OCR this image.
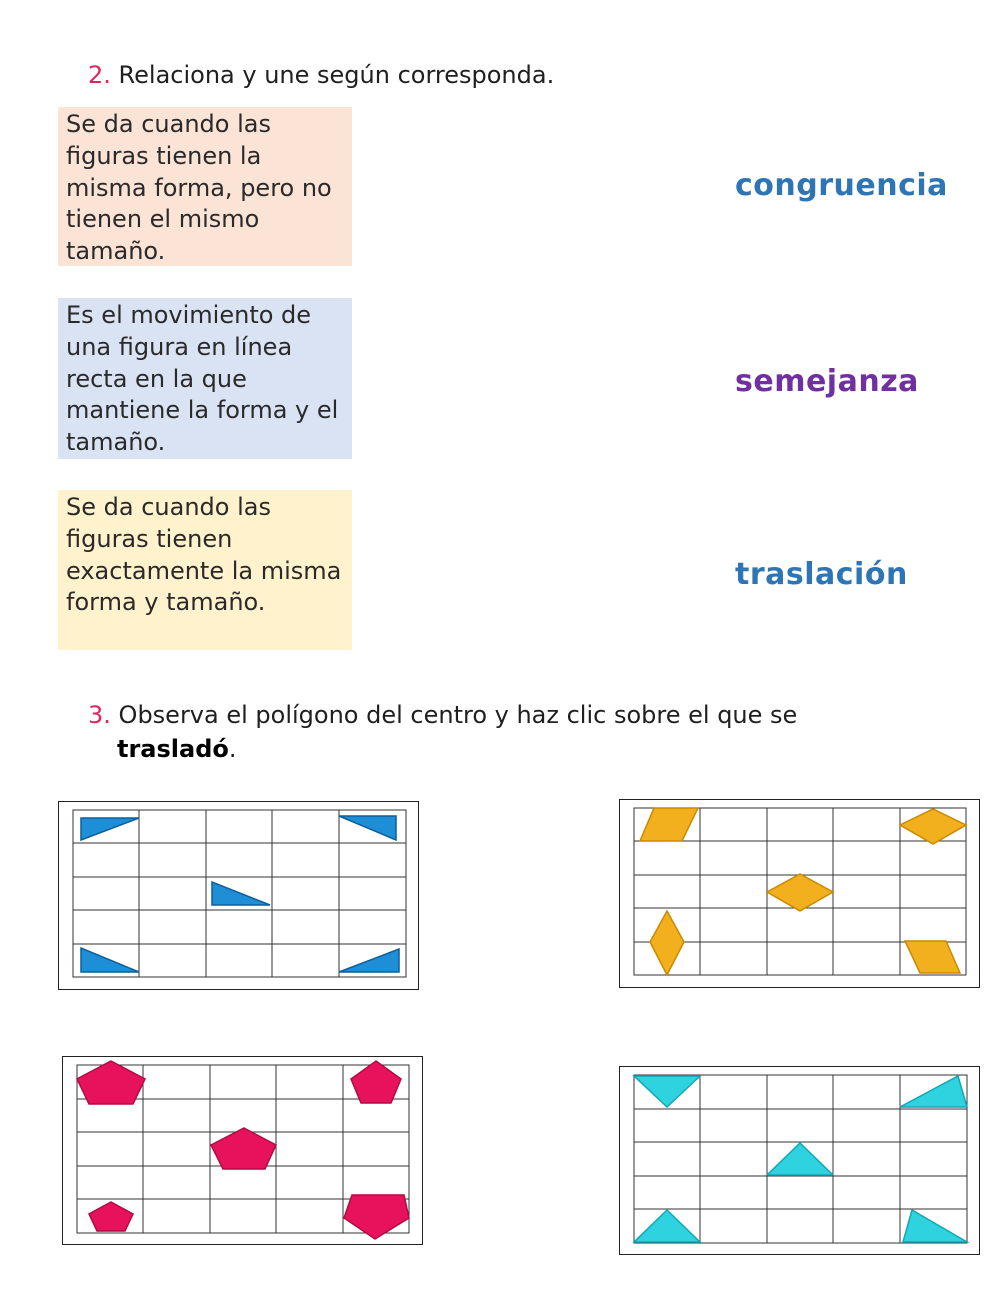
2. Relaciona y une según corresponda.
Se da cuando las figuras tienen la misma forma, pero no tienen el mismo tamaño.
Es el movimiento de una figura en línea recta en la que mantiene la forma y el tamaño.
Se da cuando las figuras tienen exactamente la misma forma y tamaño.
congruencia
semejanza
traslación
3. Observa el polígono del centro y haz clic sobre el que se
trasladó.
